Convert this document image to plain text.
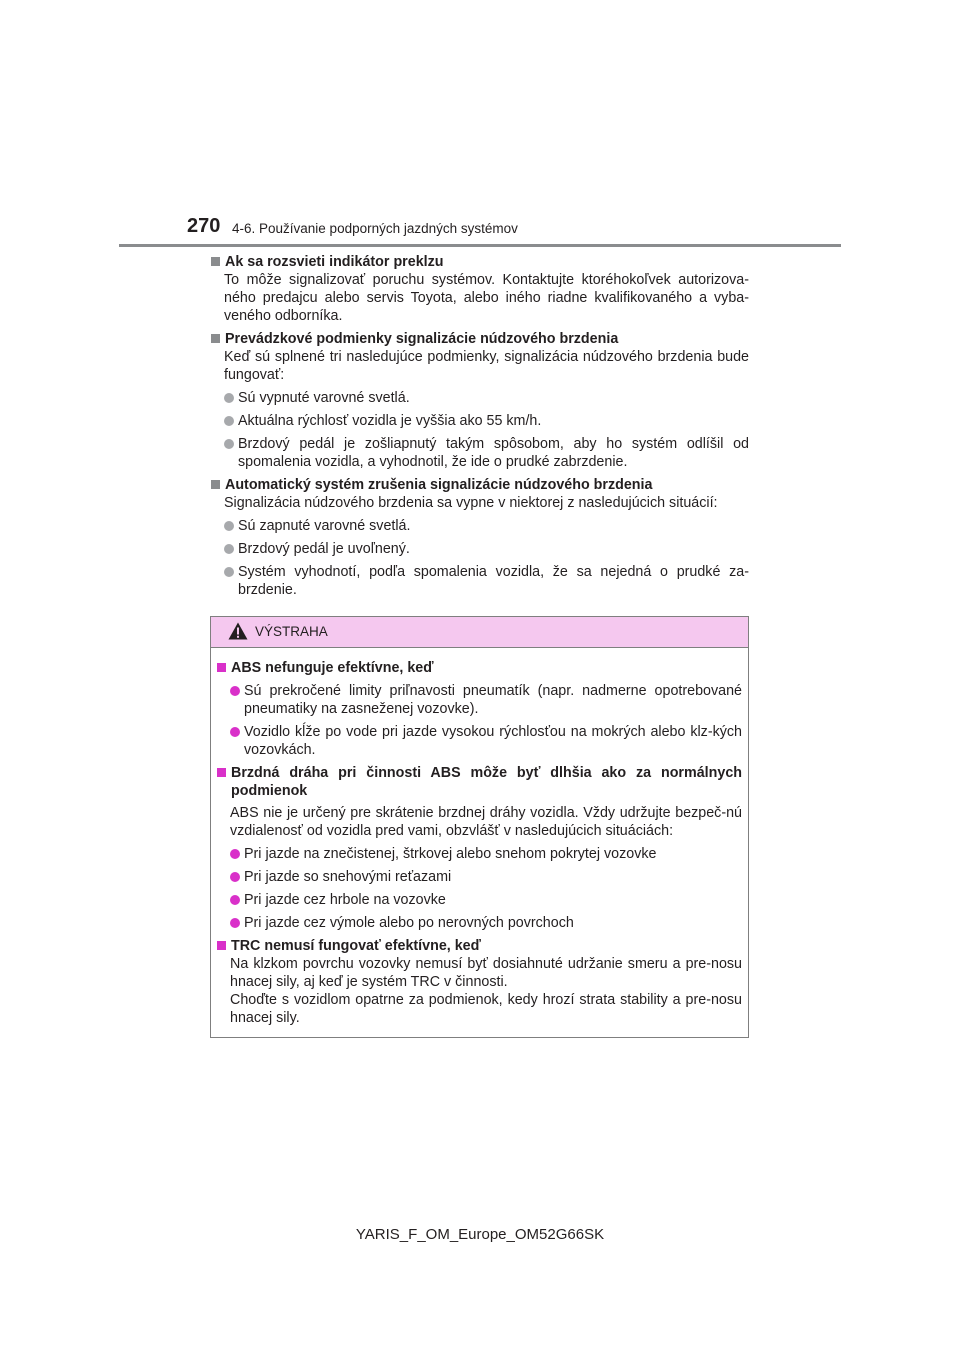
270 4-6. Používanie podporných jazdných systémov
Ak sa rozsvieti indikátor preklzu
To môže signalizovať poruchu systémov. Kontaktujte ktoréhokoľvek autorizova-ného predajcu alebo servis Toyota, alebo iného riadne kvalifikovaného a vyba-veného odborníka.
Prevádzkové podmienky signalizácie núdzového brzdenia
Keď sú splnené tri nasledujúce podmienky, signalizácia núdzového brzdenia bude fungovať:
Sú vypnuté varovné svetlá.
Aktuálna rýchlosť vozidla je vyššia ako 55 km/h.
Brzdový pedál je zošliapnutý takým spôsobom, aby ho systém odlíšil od spomalenia vozidla, a vyhodnotil, že ide o prudké zabrzdenie.
Automatický systém zrušenia signalizácie núdzového brzdenia
Signalizácia núdzového brzdenia sa vypne v niektorej z nasledujúcich situácií:
Sú zapnuté varovné svetlá.
Brzdový pedál je uvoľnený.
Systém vyhodnotí, podľa spomalenia vozidla, že sa nejedná o prudké za-brzdenie.
VÝSTRAHA
ABS nefunguje efektívne, keď
Sú prekročené limity priľnavosti pneumatík (napr. nadmerne opotrebované pneumatiky na zasneženej vozovke).
Vozidlo kĺže po vode pri jazde vysokou rýchlosťou na mokrých alebo klz-kých vozovkách.
Brzdná dráha pri činnosti ABS môže byť dlhšia ako za normálnych podmienok
ABS nie je určený pre skrátenie brzdnej dráhy vozidla. Vždy udržujte bezpeč-nú vzdialenosť od vozidla pred vami, obzvlášť v nasledujúcich situáciách:
Pri jazde na znečistenej, štrkovej alebo snehom pokrytej vozovke
Pri jazde so snehovými reťazami
Pri jazde cez hrbole na vozovke
Pri jazde cez výmole alebo po nerovných povrchoch
TRC nemusí fungovať efektívne, keď
Na klzkom povrchu vozovky nemusí byť dosiahnuté udržanie smeru a pre-nosu hnacej sily, aj keď je systém TRC v činnosti.
Choďte s vozidlom opatrne za podmienok, kedy hrozí strata stability a pre-nosu hnacej sily.
YARIS_F_OM_Europe_OM52G66SK
